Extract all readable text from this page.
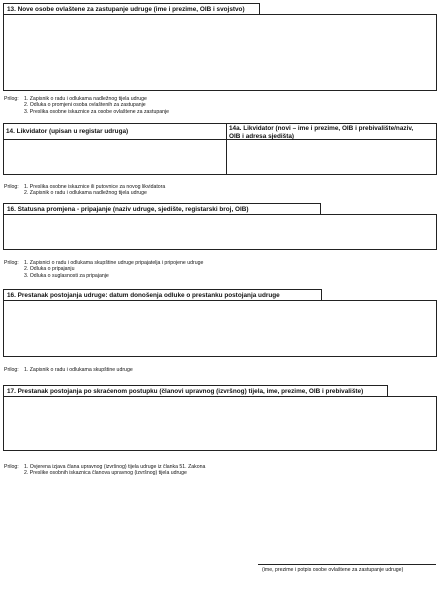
13. Nove osobe ovlaštene za zastupanje udruge (ime i prezime, OIB i svojstvo)
Prilog: 1. Zapisnik o radu i odlukama nadležnog tijela udruge
2. Odluka o promjeni osoba ovlaštenih za zastupanje
3. Preslika osobne iskaznice za osobe ovlaštene za zastupanje
14. Likvidator (upisan u registar udruga)	14a. Likvidator (novi – ime i prezime, OIB i prebivalište/naziv,
OIB i adresa sjedišta)
Prilog: 1. Preslika osobne iskaznice ili putovnice za novog likvidatora
2. Zapisnik o radu i odlukama nadležnog tijela udruge
16. Statusna promjena - pripajanje (naziv udruge, sjedište, registarski broj, OIB)
Prilog: 1. Zapisnici o radu i odlukama skupštine udruge pripajatelja i pripojene udruge
2. Odluka o pripajanju
3. Odluka o suglasnosti za pripajanje
16. Prestanak postojanja udruge: datum donošenja odluke o prestanku postojanja udruge
Prilog: 1. Zapisnik o radu i odlukama skupštine udruge
17. Prestanak postojanja po skraćenom postupku (članovi upravnog (izvršnog) tijela, ime, prezime, OIB i prebivalište)
Prilog: 1. Ovjerena izjava člana upravnog (izvršnog) tijela udruge iz članka 51. Zakona
2. Preslike osobnih iskaznica članova upravnog (izvršnog) tijela udruge
(ime, prezime i potpis osobe ovlaštene za zastupanje udruge)
